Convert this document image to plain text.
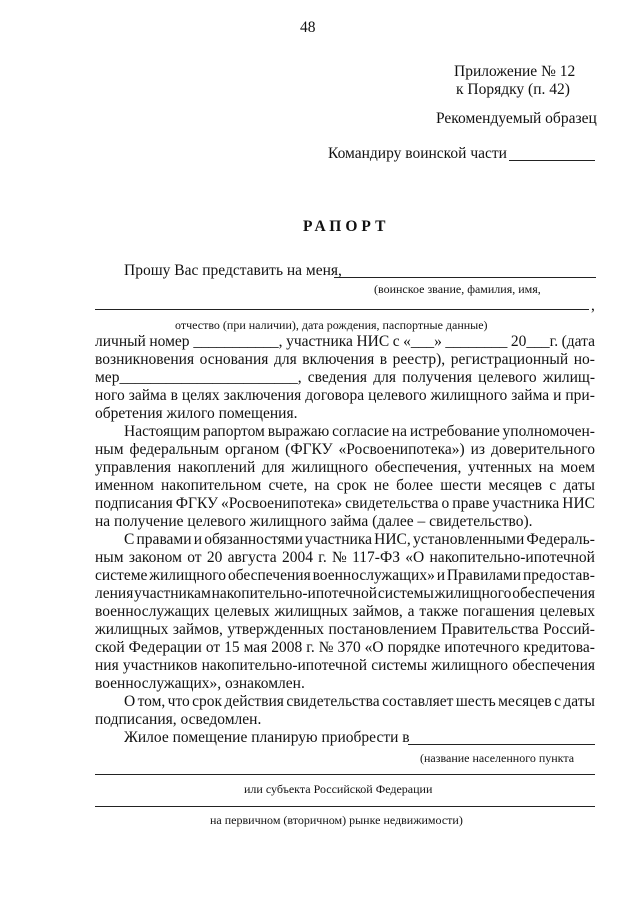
48
Приложение № 12
к Порядку (п. 42)
Рекомендуемый образец
Командиру воинской части
РАПОРТ
Прошу Вас представить на меня,
(воинское звание, фамилия, имя,
,
отчество (при наличии), дата рождения, паспортные данные)
личный номер ___________, участника НИС с «___» ________ 20___г. (дата
возникновения основания для включения в реестр), регистрационный но-
мер_______________________, сведения для получения целевого жилищ-
ного займа в целях заключения договора целевого жилищного займа и при-
обретения жилого помещения.
Настоящим рапортом выражаю согласие на истребование уполномочен-
ным федеральным органом (ФГКУ «Росвоенипотека») из доверительного
управления накоплений для жилищного обеспечения, учтенных на моем
именном накопительном счете, на срок не более шести месяцев с даты
подписания ФГКУ «Росвоенипотека» свидетельства о праве участника НИС
на получение целевого жилищного займа (далее – свидетельство).
С правами и обязанностями участника НИС, установленными Федераль-
ным законом от 20 августа 2004 г. № 117-ФЗ «О накопительно-ипотечной
системе жилищного обеспечения военнослужащих» и Правилами предостав-
ления участникам накопительно-ипотечной системы жилищного обеспечения
военнослужащих целевых жилищных займов, а также погашения целевых
жилищных займов, утвержденных постановлением Правительства Россий-
ской Федерации от 15 мая 2008 г. № 370 «О порядке ипотечного кредитова-
ния участников накопительно-ипотечной системы жилищного обеспечения
военнослужащих», ознакомлен.
О том, что срок действия свидетельства составляет шесть месяцев с даты
подписания, осведомлен.
Жилое помещение планирую приобрести в
(название населенного пункта
или субъекта Российской Федерации
на первичном (вторичном) рынке недвижимости)
